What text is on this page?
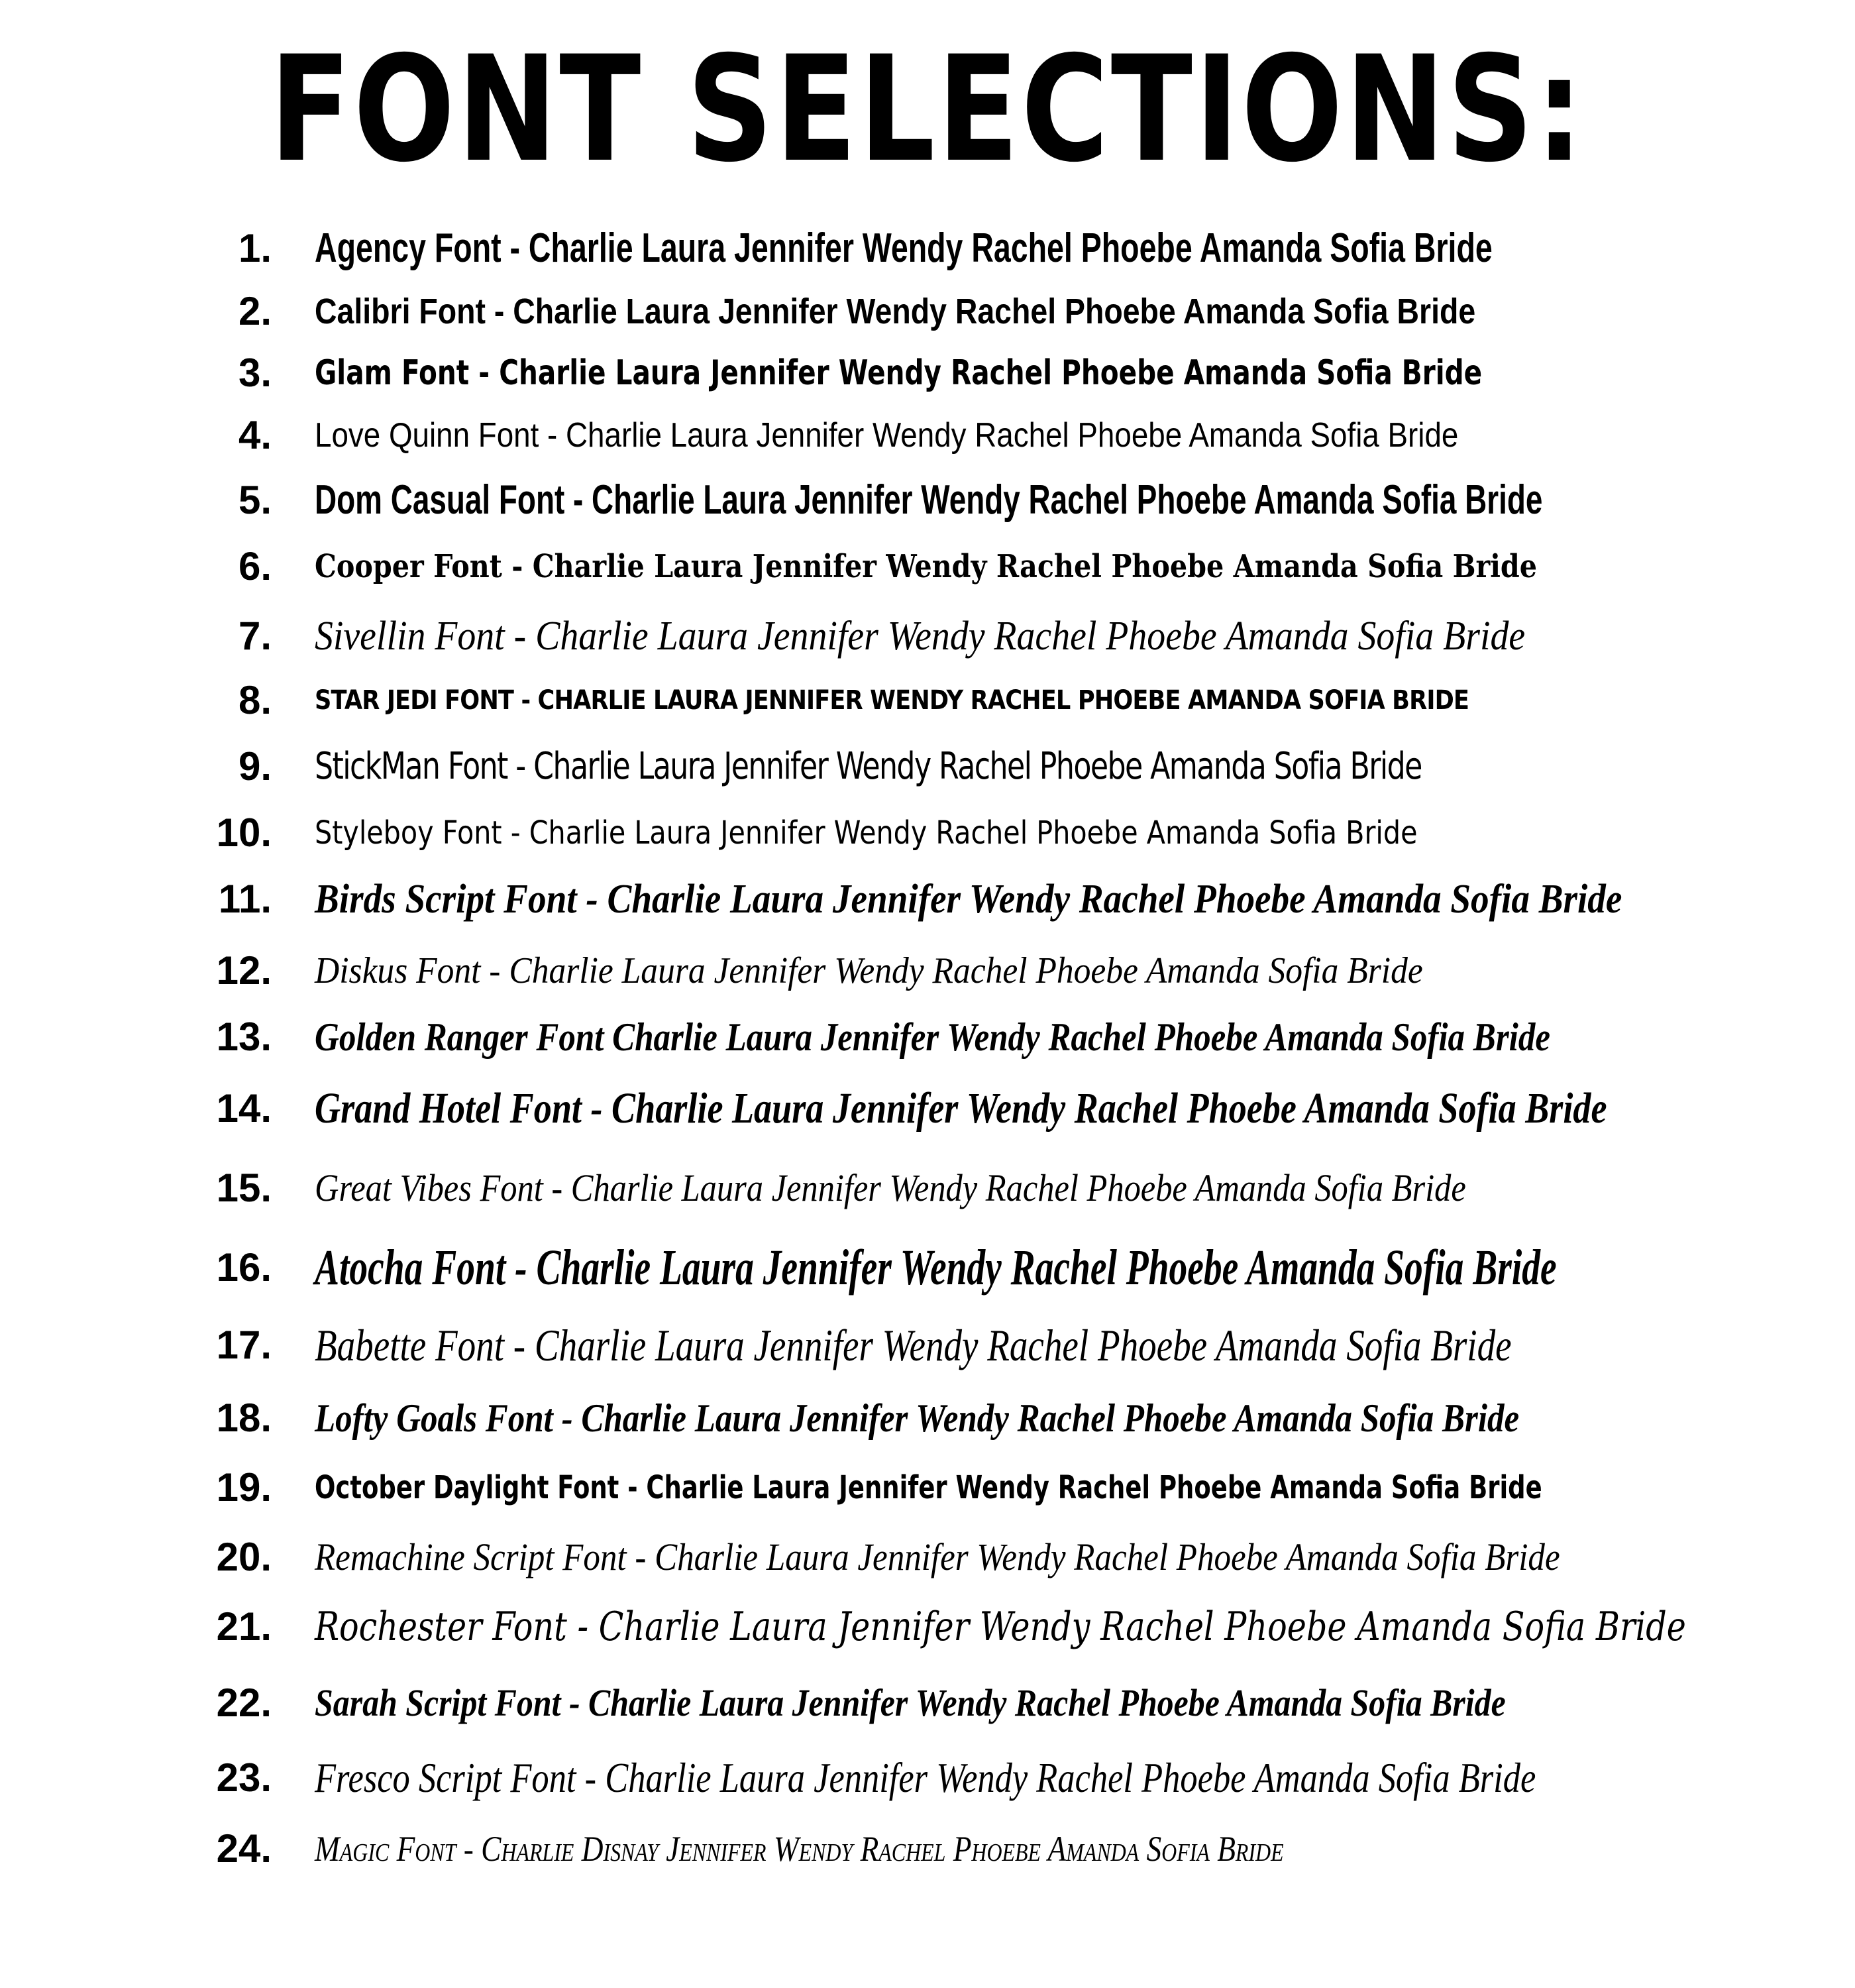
FONT SELECTIONS:
1. Agency Font - Charlie Laura Jennifer Wendy Rachel Phoebe Amanda Sofia Bride
2. Calibri Font - Charlie Laura Jennifer Wendy Rachel Phoebe Amanda Sofia Bride
3. Glam Font - Charlie Laura Jennifer Wendy Rachel Phoebe Amanda Sofia Bride
4. Love Quinn Font - Charlie Laura Jennifer Wendy Rachel Phoebe Amanda Sofia Bride
5. Dom Casual Font - Charlie Laura Jennifer Wendy Rachel Phoebe Amanda Sofia Bride
6. Cooper Font - Charlie Laura Jennifer Wendy Rachel Phoebe Amanda Sofia Bride
7. Sivellin Font - Charlie Laura Jennifer Wendy Rachel Phoebe Amanda Sofia Bride
8. STAR JEDI FONT - CHARLIE LAURA JENNIFER WENDY RACHEL PHOEBE AMANDA SOFIA BRIDE
9. StickMan Font - Charlie Laura Jennifer Wendy Rachel Phoebe Amanda Sofia Bride
10. Styleboy Font - Charlie Laura Jennifer Wendy Rachel Phoebe Amanda Sofia Bride
11. Birds Script Font - Charlie Laura Jennifer Wendy Rachel Phoebe Amanda Sofia Bride
12. Diskus Font - Charlie Laura Jennifer Wendy Rachel Phoebe Amanda Sofia Bride
13. Golden Ranger Font Charlie Laura Jennifer Wendy Rachel Phoebe Amanda Sofia Bride
14. Grand Hotel Font - Charlie Laura Jennifer Wendy Rachel Phoebe Amanda Sofia Bride
15. Great Vibes Font - Charlie Laura Jennifer Wendy Rachel Phoebe Amanda Sofia Bride
16. Atocha Font - Charlie Laura Jennifer Wendy Rachel Phoebe Amanda Sofia Bride
17. Babette Font - Charlie Laura Jennifer Wendy Rachel Phoebe Amanda Sofia Bride
18. Lofty Goals Font - Charlie Laura Jennifer Wendy Rachel Phoebe Amanda Sofia Bride
19. October Daylight Font - Charlie Laura Jennifer Wendy Rachel Phoebe Amanda Sofia Bride
20. Remachine Script Font - Charlie Laura Jennifer Wendy Rachel Phoebe Amanda Sofia Bride
21. Rochester Font - Charlie Laura Jennifer Wendy Rachel Phoebe Amanda Sofia Bride
22. Sarah Script Font - Charlie Laura Jennifer Wendy Rachel Phoebe Amanda Sofia Bride
23. Fresco Script Font - Charlie Laura Jennifer Wendy Rachel Phoebe Amanda Sofia Bride
24. Magic Font - Charlie Disnay Jennifer Wendy Rachel Phoebe Amanda Sofia Bride
